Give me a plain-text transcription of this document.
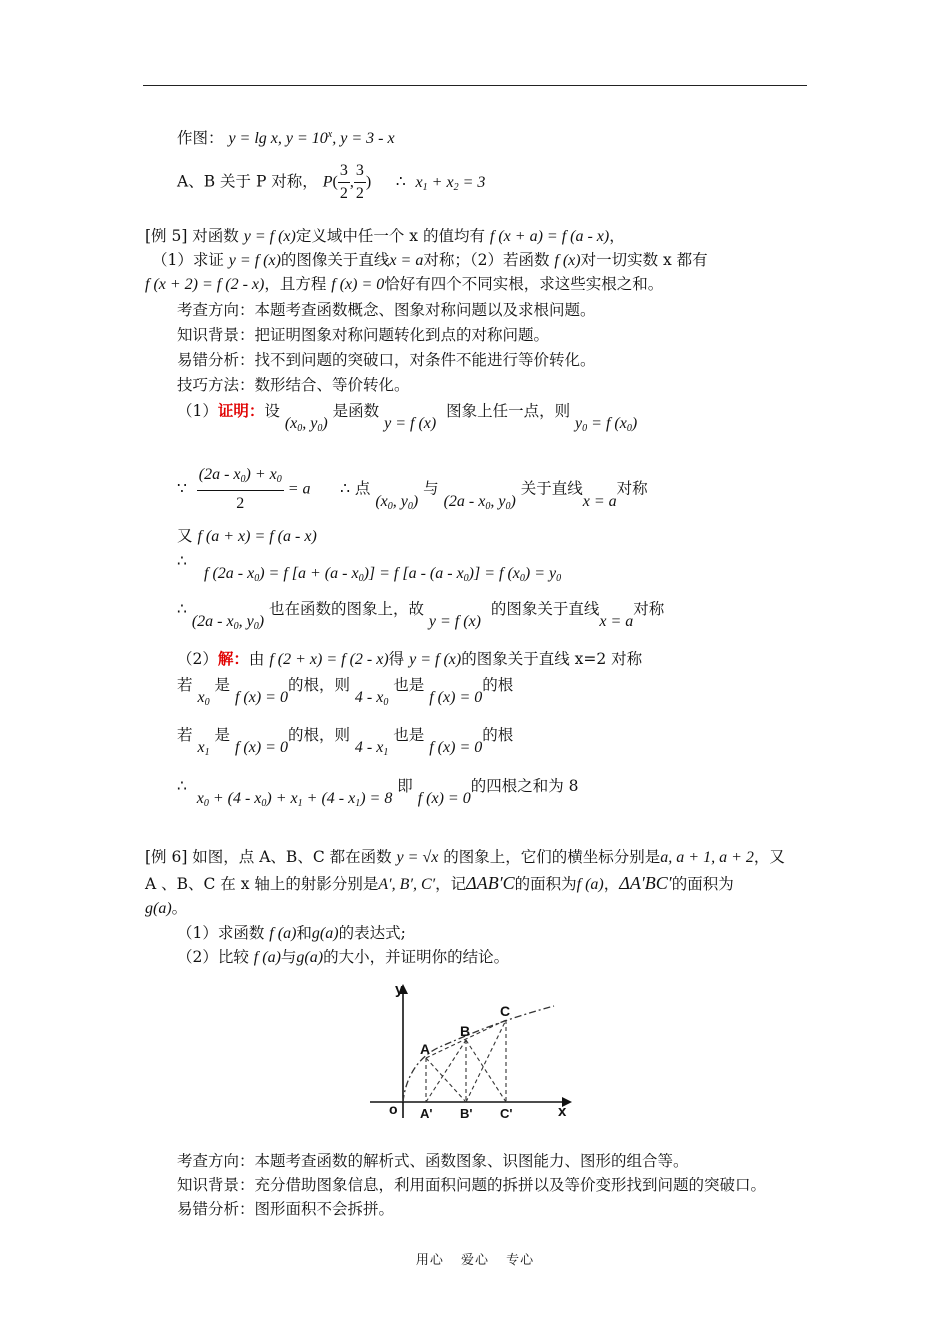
作图： y = lg x, $y = 10^x$, y = 3 - x
A、B 关于 P 对称， $P( \frac{3}{2}$ , $\frac{3}{2}$ ) ∴ x1 + x2 = 3
[例 5] 对函数 y = f (x)定义域中任一个 x 的值均有 f (x + a) = f (a - x)，
（1）求证 y = f (x)的图像关于直线x = a对称；（2）若函数 f (x)对一切实数 x 都有
f (x + 2) = f (2 - x)，且方程 f (x) = 0恰好有四个不同实根，求这些实根之和。
考查方向：本题考查函数概念、图象对称问题以及求根问题。
知识背景：把证明图象对称问题转化到点的对称问题。
易错分析：找不到问题的突破口，对条件不能进行等价转化。
技巧方法：数形结合、等价转化。
（1）证明：设 (x0, y0) 是函数 y = f (x)  图象上任一点，则 y0 = f (x0)
∵ $\frac{(2a - x0) + x0}{2} = a$ ∴ 点 (x0, y0) 与 (2a - x0, y0) 关于直线x = a对称
又 f (a + x) = f (a - x)
∴
f (2a - x0) = f [a + (a - x0)] = f [a - (a - x0)] = f (x0) = y0
∴ (2a - x0, y0) 也在函数的图象上，故 y = f (x)  的图象关于直线x = a对称
（2）解：由 f (2 + x) = f (2 - x)得 y = f (x)的图象关于直线 x=2 对称
若 x0 是 f (x) = 0的根，则 4 - x0 也是 f (x) = 0的根
若 x1 是 f (x) = 0的根，则 4 - x1 也是 f (x) = 0的根
∴  x0 + (4 - x0) + x1 + (4 - x1) = 8 即 f (x) = 0的四根之和为 8
[例 6] 如图，点 A、B、C 都在函数 y = √x 的图象上，它们的横坐标分别是a, a + 1, a + 2，又
A 、B、C 在 x 轴上的射影分别是A′, B′, C′，记ΔAB′C的面积为f (a)，ΔA′BC′的面积为
g(a)。
（1）求函数 f (a)和g(a)的表达式;
（2）比较 f (a)与g(a)的大小，并证明你的结论。
y
x
o
A
B
C
A' B' C'
考查方向：本题考查函数的解析式、函数图象、识图能力、图形的组合等。
知识背景：充分借助图象信息，利用面积问题的拆拼以及等价变形找到问题的突破口。
易错分析：图形面积不会拆拼。
用心 爱心 专心
